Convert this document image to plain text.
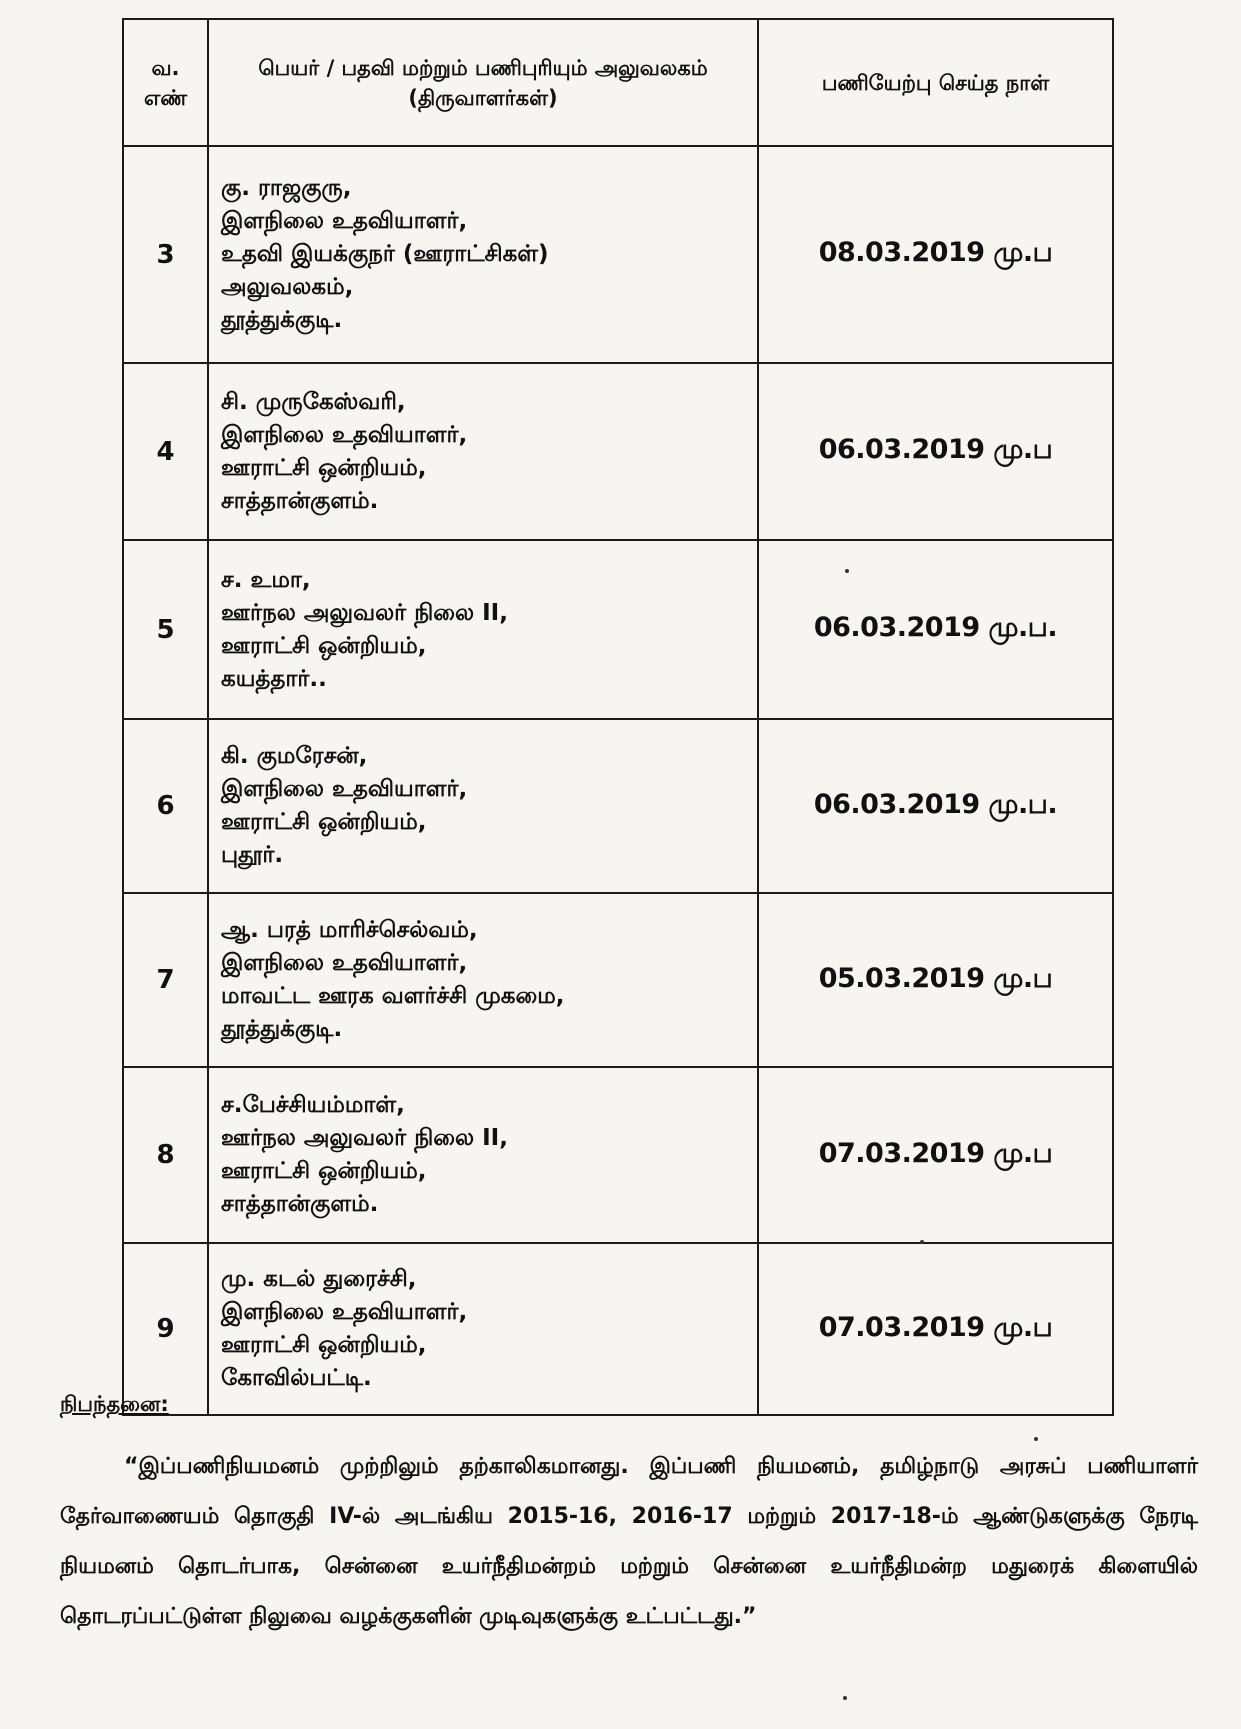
வ. எண்	பெயர் / பதவி மற்றும் பணிபுரியும் அலுவலகம் (திருவாளர்கள்)	பணியேற்பு செய்த நாள்
3	கு. ராஜகுரு,
இளநிலை உதவியாளர்,
உதவி இயக்குநர் (ஊராட்சிகள்)
அலுவலகம்,
தூத்துக்குடி.	08.03.2019 மு.ப
4	சி. முருகேஸ்வரி,
இளநிலை உதவியாளர்,
ஊராட்சி ஒன்றியம்,
சாத்தான்குளம்.	06.03.2019 மு.ப
5	ச. உமா,
ஊர்நல அலுவலர் நிலை II,
ஊராட்சி ஒன்றியம்,
கயத்தார்..	06.03.2019 மு.ப.
6	கி. குமரேசன்,
இளநிலை உதவியாளர்,
ஊராட்சி ஒன்றியம்,
புதூர்.	06.03.2019 மு.ப.
7	ஆ. பரத் மாரிச்செல்வம்,
இளநிலை உதவியாளர்,
மாவட்ட ஊரக வளர்ச்சி முகமை,
தூத்துக்குடி.	05.03.2019 மு.ப
8	ச.பேச்சியம்மாள்,
ஊர்நல அலுவலர் நிலை II,
ஊராட்சி ஒன்றியம்,
சாத்தான்குளம்.	07.03.2019 மு.ப
9	மு. கடல் துரைச்சி,
இளநிலை உதவியாளர்,
ஊராட்சி ஒன்றியம்,
கோவில்பட்டி.	07.03.2019 மு.ப
நிபந்தனை:
“இப்பணிநியமனம் முற்றிலும் தற்காலிகமானது. இப்பணி நியமனம், தமிழ்நாடு அரசுப் பணியாளர் தேர்வாணையம் தொகுதி IV-ல் அடங்கிய 2015-16, 2016-17 மற்றும் 2017-18-ம் ஆண்டுகளுக்கு நேரடி நியமனம் தொடர்பாக, சென்னை உயர்நீதிமன்றம் மற்றும் சென்னை உயர்நீதிமன்ற மதுரைக் கிளையில் தொடரப்பட்டுள்ள நிலுவை வழக்குகளின் முடிவுகளுக்கு உட்பட்டது.”
